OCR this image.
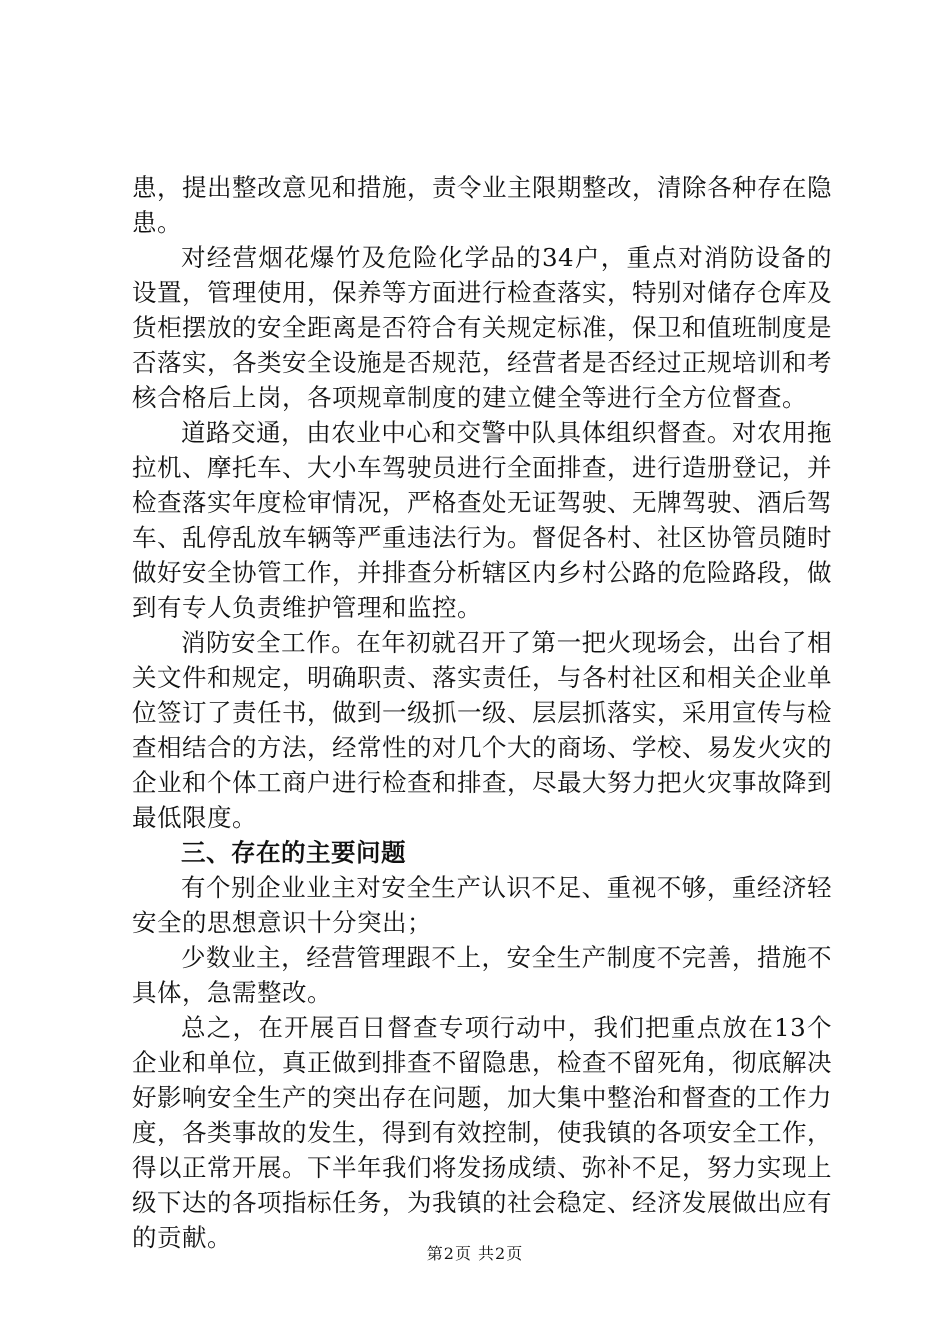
患，提出整改意见和措施，责令业主限期整改，清除各种存在隐患。

对经营烟花爆竹及危险化学品的34户，重点对消防设备的设置，管理使用，保养等方面进行检查落实，特别对储存仓库及货柜摆放的安全距离是否符合有关规定标准，保卫和值班制度是否落实，各类安全设施是否规范，经营者是否经过正规培训和考核合格后上岗，各项规章制度的建立健全等进行全方位督查。

道路交通，由农业中心和交警中队具体组织督查。对农用拖拉机、摩托车、大小车驾驶员进行全面排查，进行造册登记，并检查落实年度检审情况，严格查处无证驾驶、无牌驾驶、酒后驾车、乱停乱放车辆等严重违法行为。督促各村、社区协管员随时做好安全协管工作，并排查分析辖区内乡村公路的危险路段，做到有专人负责维护管理和监控。

消防安全工作。在年初就召开了第一把火现场会，出台了相关文件和规定，明确职责、落实责任，与各村社区和相关企业单位签订了责任书，做到一级抓一级、层层抓落实，采用宣传与检查相结合的方法，经常性的对几个大的商场、学校、易发火灾的企业和个体工商户进行检查和排查，尽最大努力把火灾事故降到最低限度。

三、存在的主要问题

有个别企业业主对安全生产认识不足、重视不够，重经济轻安全的思想意识十分突出；

少数业主，经营管理跟不上，安全生产制度不完善，措施不具体，急需整改。

总之，在开展百日督查专项行动中，我们把重点放在13个企业和单位，真正做到排查不留隐患，检查不留死角，彻底解决好影响安全生产的突出存在问题，加大集中整治和督查的工作力度，各类事故的发生，得到有效控制，使我镇的各项安全工作，得以正常开展。下半年我们将发扬成绩、弥补不足，努力实现上级下达的各项指标任务，为我镇的社会稳定、经济发展做出应有的贡献。

第2页 共2页
